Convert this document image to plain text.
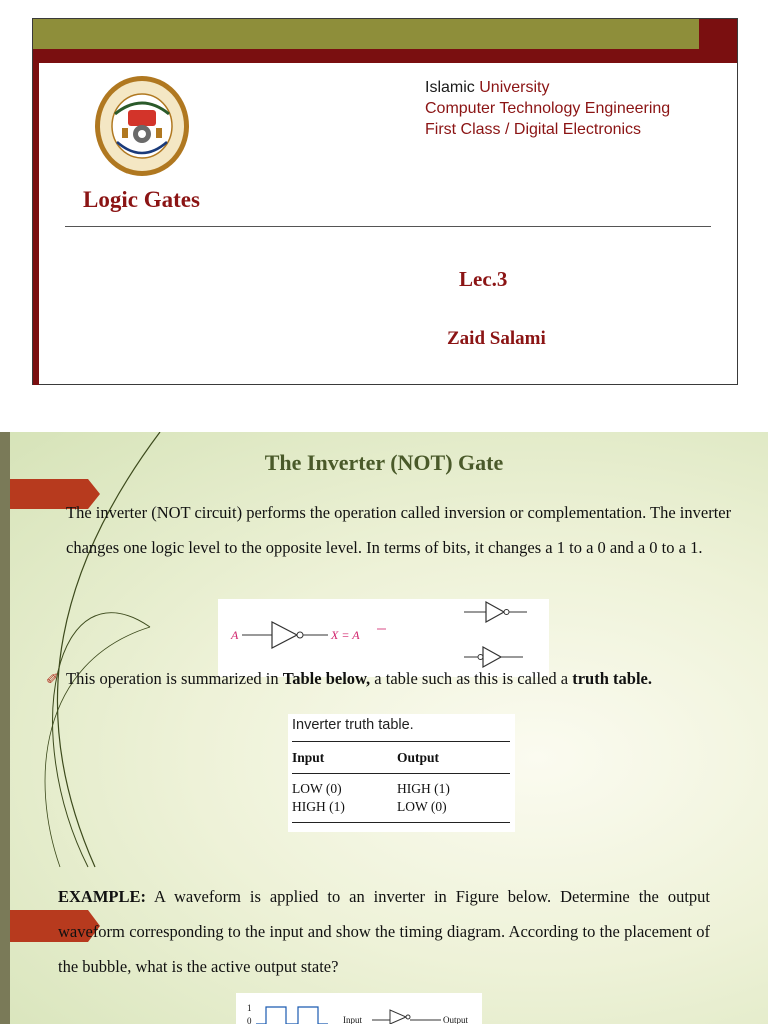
Islamic University
Computer Technology Engineering
First Class / Digital Electronics
Logic Gates
Lec.3
Zaid Salami
The Inverter (NOT) Gate
The inverter (NOT circuit) performs the operation called inversion or complementation. The inverter changes one logic level to the opposite level. In terms of bits, it changes a 1 to a 0 and a 0 to a 1.
A	X = A
✐ This operation is summarized in Table below, a table such as this is called a truth table.
Inverter truth table.
Input	Output
LOW (0)	HIGH (1)
HIGH (1)	LOW (0)
EXAMPLE: A waveform is applied to an inverter in Figure below. Determine the output waveform corresponding to the input and show the timing diagram. According to the placement of the bubble, what is the active output state?
1
0	Input	Output
